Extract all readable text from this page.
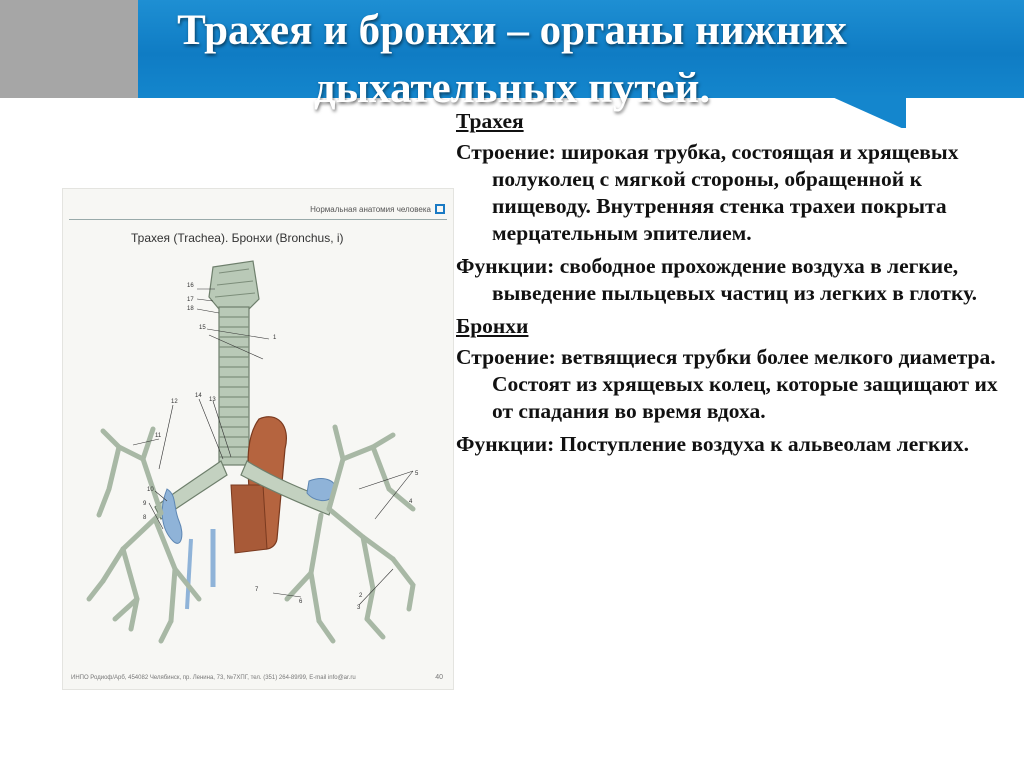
Трахея и бронхи – органы нижних
дыхательных путей.
Нормальная анатомия человека
Трахея (Trachea). Бронхи (Bronchus, i)
16
17
18
15
1
14
13
12
11
10
9
8
7
6
5
4
3
2
ИНПО Родиоф/Арб, 454082 Челябинск, пр. Ленина, 73, №7ХПГ, тел. (351) 264-89/99, E-mail info@ar.ru	40
Трахея
Строение: широкая трубка, состоящая и хрящевых полуколец с мягкой стороны, обращенной к пищеводу. Внутренняя стенка трахеи покрыта мерцательным эпителием.
Функции: свободное прохождение воздуха в легкие, выведение пыльцевых частиц из легких в глотку.
Бронхи
Строение: ветвящиеся трубки более мелкого диаметра. Состоят из хрящевых колец, которые защищают их от спадания во время вдоха.
Функции: Поступление воздуха к альвеолам легких.
